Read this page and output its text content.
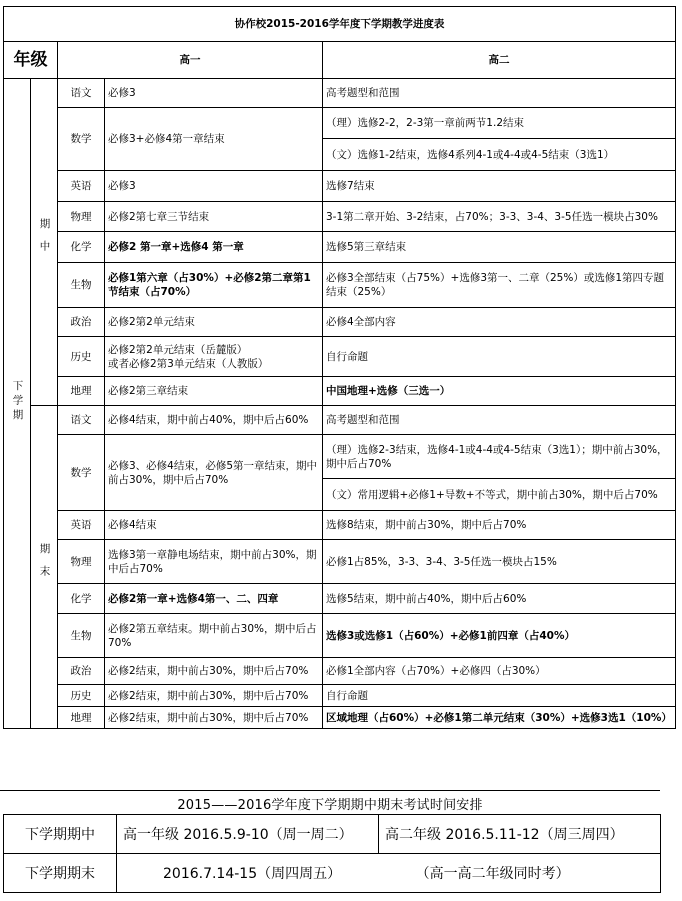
协作校2015-2016学年度下学期教学进度表				
年级		高一		高二
下学期	期中	语文	必修3	高考题型和范围
		数学	必修3+必修4第一章结束	（理）选修2-2，2-3第一章前两节1.2结束
				（文）选修1-2结束，选修4系列4-1或4-4或4-5结束（3选1）
		英语	必修3	选修7结束
		物理	必修2第七章三节结束	3-1第二章开始、3-2结束，占70%；3-3、3-4、3-5任选一模块占30%
		化学	必修2 第一章+选修4 第一章	选修5第三章结束
		生物	必修1第六章（占30%）+必修2第二章第1节结束（占70%）	必修3全部结束（占75%）+选修3第一、二章（25%）或选修1第四专题结束（25%）
		政治	必修2第2单元结束	必修4全部内容
		历史	必修2第2单元结束（岳麓版）
或者必修2第3单元结束（人教版）	自行命题
		地理	必修2第三章结束	中国地理+选修（三选一）
	期末	语文	必修4结束，期中前占40%，期中后占60%	高考题型和范围
		数学	必修3、必修4结束，必修5第一章结束，期中前占30%，期中后占70%	（理）选修2-3结束，选修4-1或4-4或4-5结束（3选1）；期中前占30%，期中后占70%
				（文）常用逻辑+必修1+导数+不等式，期中前占30%，期中后占70%
		英语	必修4结束	选修8结束，期中前占30%，期中后占70%
		物理	选修3第一章静电场结束，期中前占30%，期中后占70%	必修1占85%，3-3、3-4、3-5任选一模块占15%
		化学	必修2第一章+选修4第一、二、四章	选修5结束，期中前占40%，期中后占60%
		生物	必修2第五章结束。期中前占30%，期中后占70%	选修3或选修1（占60%）+必修1前四章（占40%）
		政治	必修2结束，期中前占30%，期中后占70%	必修1全部内容（占70%）+必修四（占30%）
		历史	必修2结束，期中前占30%，期中后占70%	自行命题
		地理	必修2结束，期中前占30%，期中后占70%	区域地理（占60%）+必修1第二单元结束（30%）+选修3选1（10%）
2015——2016学年度下学期期中期末考试时间安排
下学期期中	高一年级 2016.5.9-10（周一周二）	高二年级 2016.5.11-12（周三周四）
下学期期末	2016.7.14-15（周四周五） （高一高二年级同时考）	
